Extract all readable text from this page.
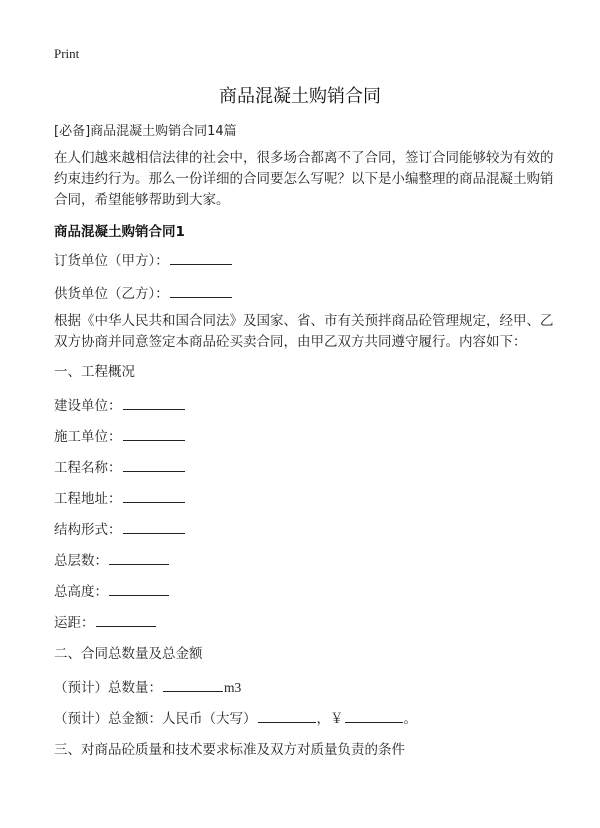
Print
商品混凝土购销合同
[必备]商品混凝土购销合同14篇

在人们越来越相信法律的社会中，很多场合都离不了合同，签订合同能够较为有效的约束违约行为。那么一份详细的合同要怎么写呢？以下是小编整理的商品混凝土购销合同，希望能够帮助到大家。

商品混凝土购销合同1
订货单位（甲方）：
供货单位（乙方）：

根据《中华人民共和国合同法》及国家、省、市有关预拌商品砼管理规定，经甲、乙双方协商并同意签定本商品砼买卖合同，由甲乙双方共同遵守履行。内容如下：

一、工程概况
建设单位：
施工单位：
工程名称：
工程地址：
结构形式：
总层数：
总高度：
运距：
二、合同总数量及总金额
（预计）总数量：	m3
（预计）总金额：人民币（大写）	，￥	。
三、对商品砼质量和技术要求标准及双方对质量负责的条件
